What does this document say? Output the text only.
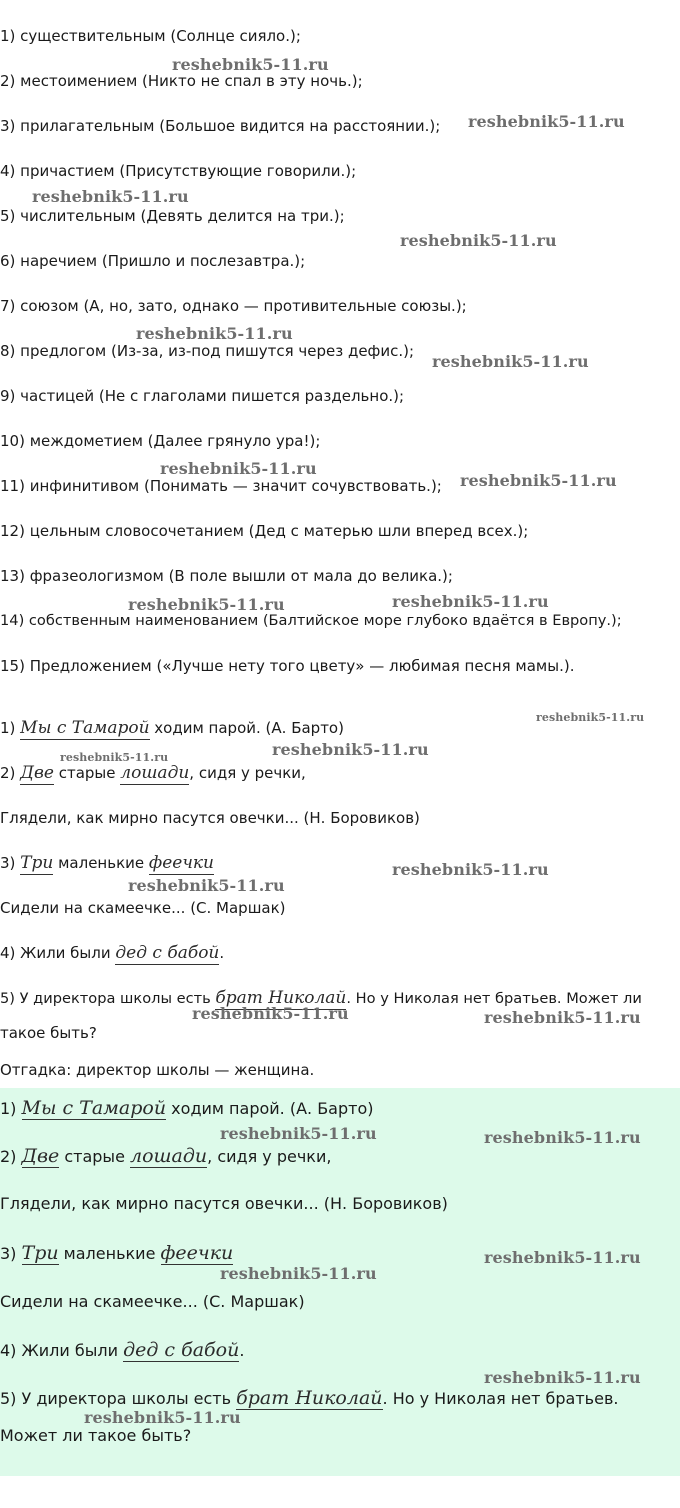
1) существительным (Солнце сияло.);
2) местоимением (Никто не спал в эту ночь.);
3) прилагательным (Большое видится на расстоянии.);
4) причастием (Присутствующие говорили.);
5) числительным (Девять делится на три.);
6) наречием (Пришло и послезавтра.);
7) союзом (А, но, зато, однако — противительные союзы.);
8) предлогом (Из-за, из-под пишутся через дефис.);
9) частицей (Не с глаголами пишется раздельно.);
10) междометием (Далее грянуло ура!);
11) инфинитивом (Понимать — значит сочувствовать.);
12) цельным словосочетанием (Дед с матерью шли вперед всех.);
13) фразеологизмом (В поле вышли от мала до велика.);
14) собственным наименованием (Балтийское море глубоко вдаётся в Европу.);
15) Предложением («Лучше нету того цвету» — любимая песня мамы.).
1) Мы с Тамарой ходим парой. (А. Барто)
2) Две старые лошади, сидя у речки,
Глядели, как мирно пасутся овечки... (Н. Боровиков)
3) Три маленькие феечки
Сидели на скамеечке... (С. Маршак)
4) Жили были дед с бабой.
5) У директора школы есть брат Николай. Но у Николая нет братьев. Может ли
такое быть?
Отгадка: директор школы — женщина.
1) Мы с Тамарой ходим парой. (А. Барто)
2) Две старые лошади, сидя у речки,
Глядели, как мирно пасутся овечки... (Н. Боровиков)
3) Три маленькие феечки
Сидели на скамеечке... (С. Маршак)
4) Жили были дед с бабой.
5) У директора школы есть брат Николай. Но у Николая нет братьев.
Может ли такое быть?
reshebnik5-11.ru
reshebnik5-11.ru
reshebnik5-11.ru
reshebnik5-11.ru
reshebnik5-11.ru
reshebnik5-11.ru
reshebnik5-11.ru
reshebnik5-11.ru
reshebnik5-11.ru	reshebnik5-11.ru
reshebnik5-11.ru
reshebnik5-11.ru
reshebnik5-11.ru
reshebnik5-11.ru
reshebnik5-11.ru
reshebnik5-11.ru	reshebnik5-11.ru
reshebnik5-11.ru	reshebnik5-11.ru
reshebnik5-11.ru
reshebnik5-11.ru
reshebnik5-11.ru
reshebnik5-11.ru
